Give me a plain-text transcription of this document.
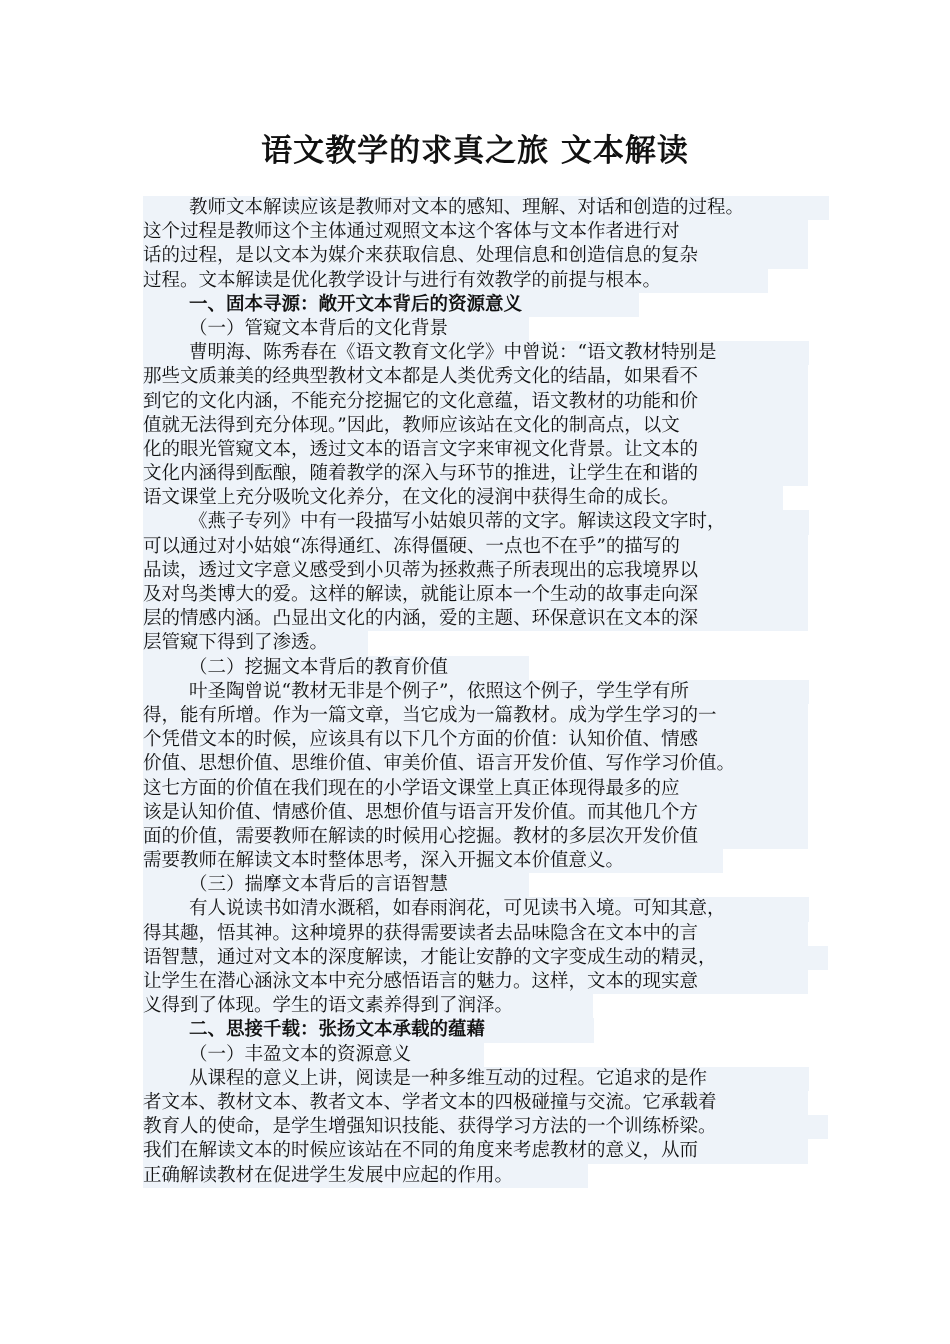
语文教学的求真之旅 文本解读
教师文本解读应该是教师对文本的感知、理解、对话和创造的过程。
这个过程是教师这个主体通过观照文本这个客体与文本作者进行对
话的过程，是以文本为媒介来获取信息、处理信息和创造信息的复杂
过程。文本解读是优化教学设计与进行有效教学的前提与根本。
一、固本寻源：敞开文本背后的资源意义
（一）管窥文本背后的文化背景
曹明海、陈秀春在《语文教育文化学》中曾说：“语文教材特别是
那些文质兼美的经典型教材文本都是人类优秀文化的结晶，如果看不
到它的文化内涵，不能充分挖掘它的文化意蕴，语文教材的功能和价
值就无法得到充分体现。”因此，教师应该站在文化的制高点，以文
化的眼光管窥文本，透过文本的语言文字来审视文化背景。让文本的
文化内涵得到酝酿，随着教学的深入与环节的推进，让学生在和谐的
语文课堂上充分吸吮文化养分，在文化的浸润中获得生命的成长。
《燕子专列》中有一段描写小姑娘贝蒂的文字。解读这段文字时，
可以通过对小姑娘“冻得通红、冻得僵硬、一点也不在乎”的描写的
品读，透过文字意义感受到小贝蒂为拯救燕子所表现出的忘我境界以
及对鸟类博大的爱。这样的解读，就能让原本一个生动的故事走向深
层的情感内涵。凸显出文化的内涵，爱的主题、环保意识在文本的深
层管窥下得到了渗透。
（二）挖掘文本背后的教育价值
叶圣陶曾说“教材无非是个例子”，依照这个例子，学生学有所
得，能有所增。作为一篇文章，当它成为一篇教材。成为学生学习的一
个凭借文本的时候，应该具有以下几个方面的价值：认知价值、情感
价值、思想价值、思维价值、审美价值、语言开发价值、写作学习价值。
这七方面的价值在我们现在的小学语文课堂上真正体现得最多的应
该是认知价值、情感价值、思想价值与语言开发价值。而其他几个方
面的价值，需要教师在解读的时候用心挖掘。教材的多层次开发价值
需要教师在解读文本时整体思考，深入开掘文本价值意义。
（三）揣摩文本背后的言语智慧
有人说读书如清水溉稻，如春雨润花，可见读书入境。可知其意，
得其趣，悟其神。这种境界的获得需要读者去品味隐含在文本中的言
语智慧，通过对文本的深度解读，才能让安静的文字变成生动的精灵，
让学生在潜心涵泳文本中充分感悟语言的魅力。这样，文本的现实意
义得到了体现。学生的语文素养得到了润泽。
二、思接千载：张扬文本承载的蕴藉
（一）丰盈文本的资源意义
从课程的意义上讲，阅读是一种多维互动的过程。它追求的是作
者文本、教材文本、教者文本、学者文本的四极碰撞与交流。它承载着
教育人的使命，是学生增强知识技能、获得学习方法的一个训练桥梁。
我们在解读文本的时候应该站在不同的角度来考虑教材的意义，从而
正确解读教材在促进学生发展中应起的作用。
